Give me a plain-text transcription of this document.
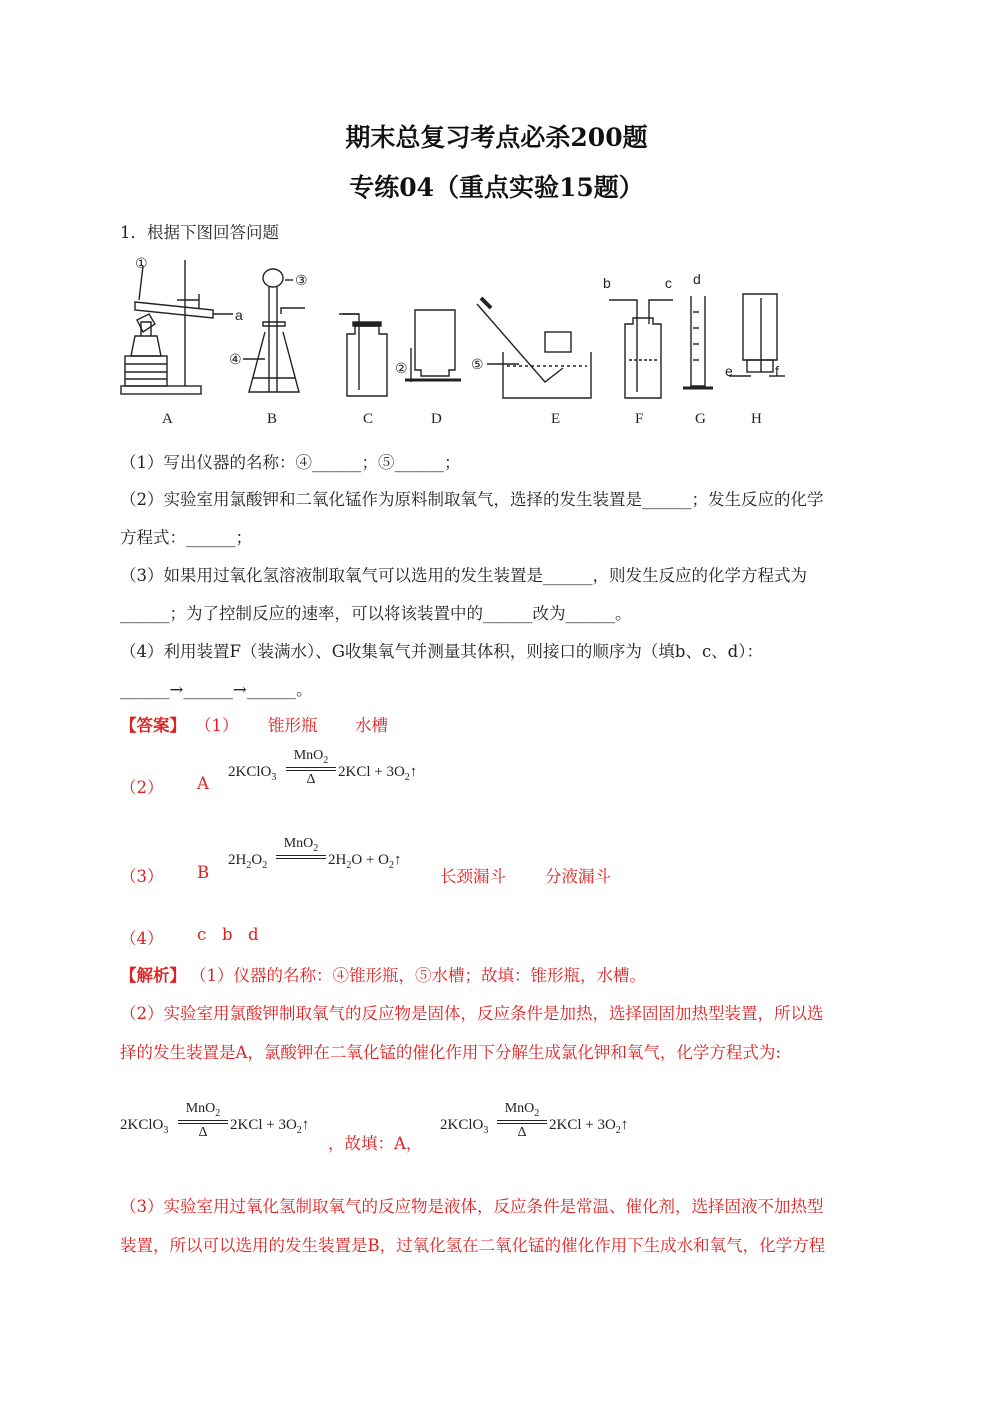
期末总复习考点必杀200题
专练04（重点实验15题）
1．根据下图回答问题
①
a
③
④
②	⑤
b	c d
e	f
A	B	C	D	E	F	G	H
（1）写出仪器的名称：④______；⑤______；
（2）实验室用氯酸钾和二氧化锰作为原料制取氧气，选择的发生装置是______；发生反应的化学
方程式：______；
（3）如果用过氧化氢溶液制取氧气可以选用的发生装置是______，则发生反应的化学方程式为
______；为了控制反应的速率，可以将该装置中的______改为______。
（4）利用装置F（装满水）、G收集氧气并测量其体积，则接口的顺序为（填b、c、d）：
______→______→______。
【答案】 （1） 锥形瓶 水槽
（2） A
2KClO$_3$
MnO$_2$
Δ	$2KCl + 3O_2↑$
（3） B
$2H_2O_2$
MnO$_2$
$2H_2O$ + $O_2↑$
长颈漏斗 分液漏斗
（4） c b d
【解析】 （1）仪器的名称：④锥形瓶，⑤水槽；故填：锥形瓶，水槽。
（2）实验室用氯酸钾制取氧气的反应物是固体，反应条件是加热，选择固固加热型装置，所以选
择的发生装置是A，氯酸钾在二氧化锰的催化作用下分解生成氯化钾和氧气，化学方程式为:
2KClO$_3$
MnO$_2$
Δ	$2KCl + 3O_2↑$
，故填：A，
2KClO$_3$
MnO$_2$
Δ	$2KCl + 3O_2↑$
（3）实验室用过氧化氢制取氧气的反应物是液体，反应条件是常温、催化剂，选择固液不加热型
装置，所以可以选用的发生装置是B，过氧化氢在二氧化锰的催化作用下生成水和氧气，化学方程
